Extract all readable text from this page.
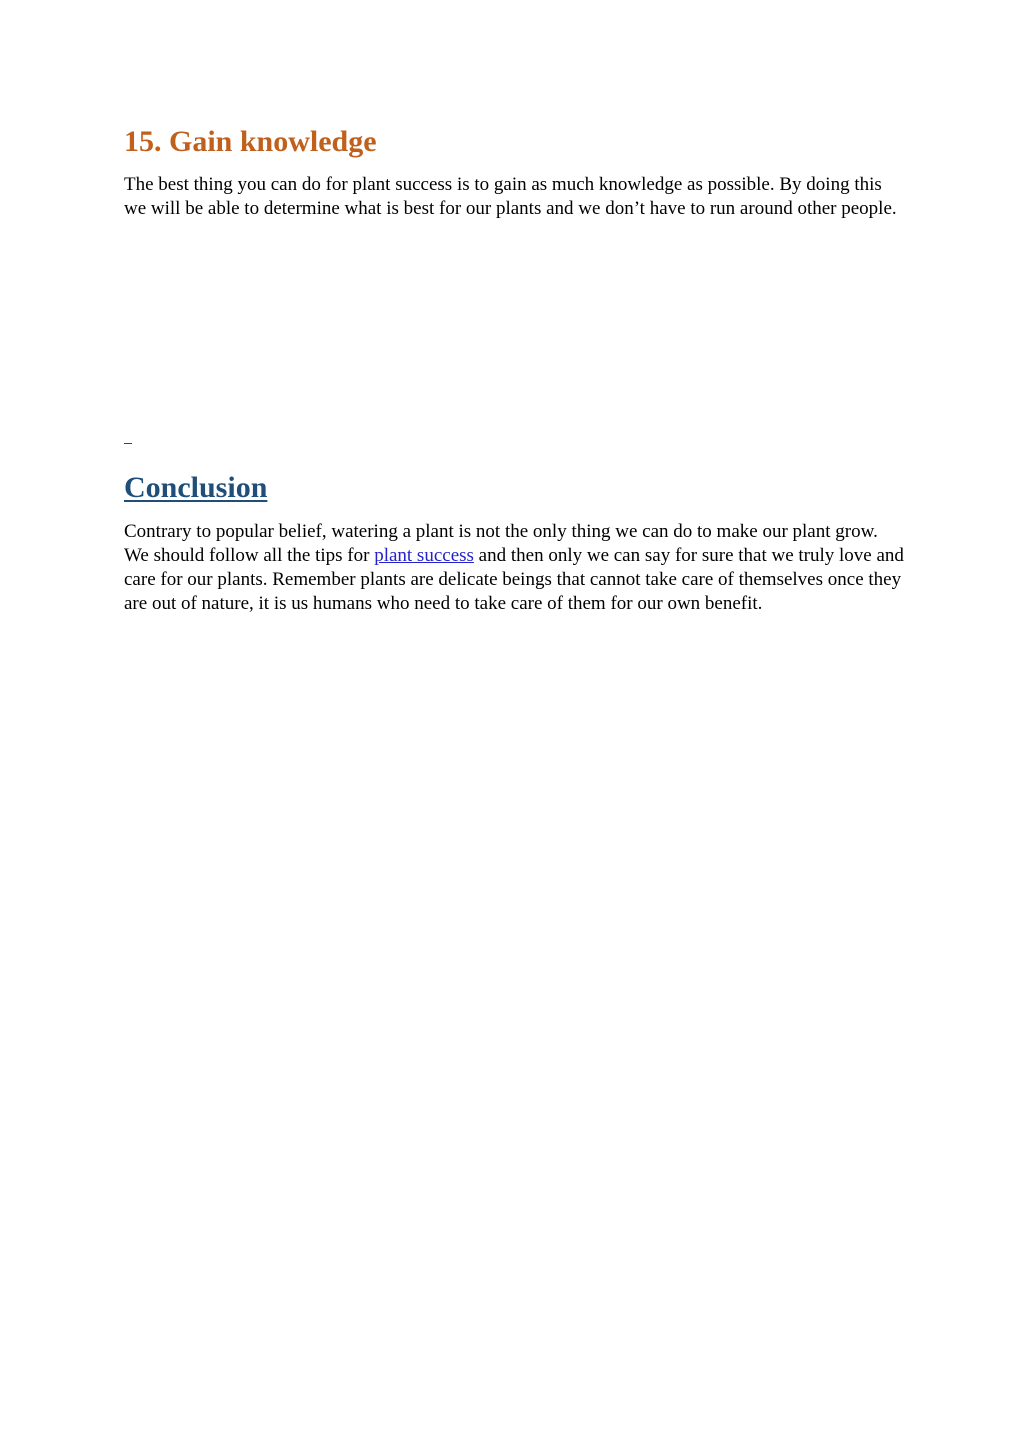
15. Gain knowledge

The best thing you can do for plant success is to gain as much knowledge as possible. By doing this we will be able to determine what is best for our plants and we don’t have to run around other people.

Conclusion

Contrary to popular belief, watering a plant is not the only thing we can do to make our plant grow. We should follow all the tips for plant success and then only we can say for sure that we truly love and care for our plants. Remember plants are delicate beings that cannot take care of themselves once they are out of nature, it is us humans who need to take care of them for our own benefit.
